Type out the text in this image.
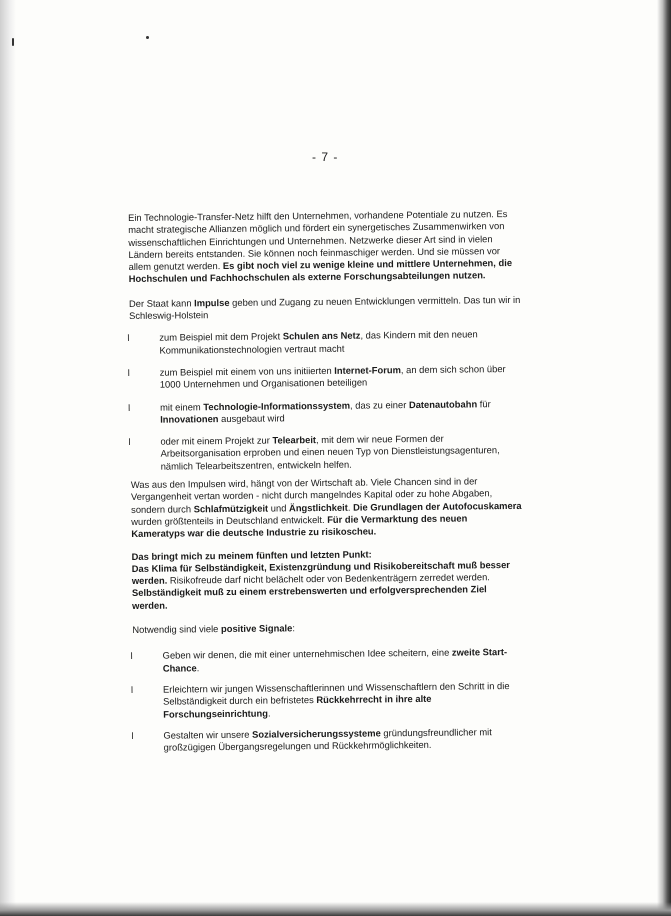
- 7 -

Ein Technologie-Transfer-Netz hilft den Unternehmen, vorhandene Potentiale zu nutzen. Es macht strategische Allianzen möglich und fördert ein synergetisches Zusammenwirken von wissenschaftlichen Einrichtungen und Unternehmen. Netzwerke dieser Art sind in vielen Ländern bereits entstanden. Sie können noch feinmaschiger werden. Und sie müssen vor allem genutzt werden. Es gibt noch viel zu wenige kleine und mittlere Unternehmen, die Hochschulen und Fachhochschulen als externe Forschungsabteilungen nutzen.

Der Staat kann Impulse geben und Zugang zu neuen Entwicklungen vermitteln. Das tun wir in Schleswig-Holstein

l	zum Beispiel mit dem Projekt Schulen ans Netz, das Kindern mit den neuen Kommunikationstechnologien vertraut macht
l	zum Beispiel mit einem von uns initiierten Internet-Forum, an dem sich schon über 1000 Unternehmen und Organisationen beteiligen
l	mit einem Technologie-Informationssystem, das zu einer Datenautobahn für Innovationen ausgebaut wird
l	oder mit einem Projekt zur Telearbeit, mit dem wir neue Formen der Arbeitsorganisation erproben und einen neuen Typ von Dienstleistungsagenturen, nämlich Telearbeitszentren, entwickeln helfen.

Was aus den Impulsen wird, hängt von der Wirtschaft ab. Viele Chancen sind in der Vergangenheit vertan worden - nicht durch mangelndes Kapital oder zu hohe Abgaben, sondern durch Schlafmützigkeit und Ängstlichkeit. Die Grundlagen der Autofocuskamera wurden größtenteils in Deutschland entwickelt. Für die Vermarktung des neuen Kameratyps war die deutsche Industrie zu risikoscheu.

Das bringt mich zu meinem fünften und letzten Punkt:
Das Klima für Selbständigkeit, Existenzgründung und Risikobereitschaft muß besser werden. Risikofreude darf nicht belächelt oder von Bedenkenträgern zerredet werden. Selbständigkeit muß zu einem erstrebenswerten und erfolgversprechenden Ziel werden.

Notwendig sind viele positive Signale:

l	Geben wir denen, die mit einer unternehmischen Idee scheitern, eine zweite Start-Chance.
l	Erleichtern wir jungen Wissenschaftlerinnen und Wissenschaftlern den Schritt in die Selbständigkeit durch ein befristetes Rückkehrrecht in ihre alte Forschungseinrichtung.
l	Gestalten wir unsere Sozialversicherungssysteme gründungsfreundlicher mit großzügigen Übergangsregelungen und Rückkehrmöglichkeiten.
